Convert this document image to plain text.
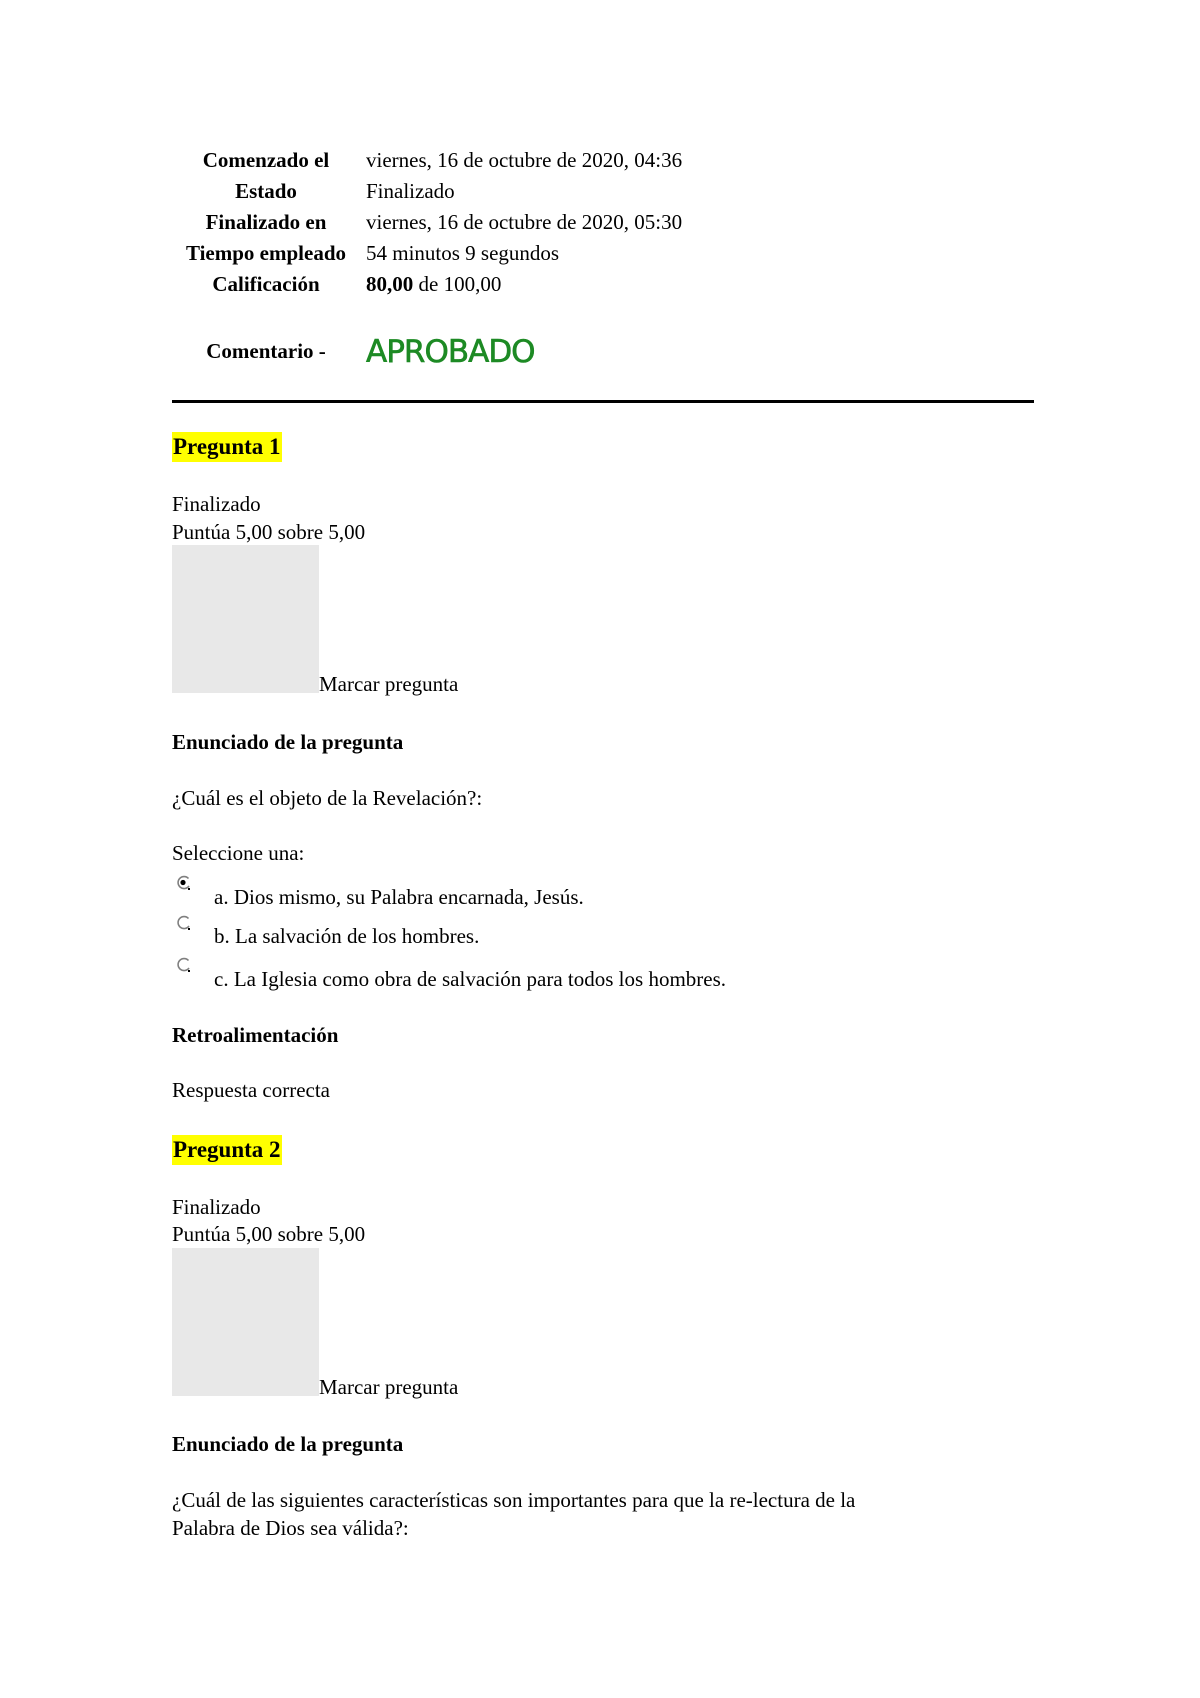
Comenzado el	viernes, 16 de octubre de 2020, 04:36
Estado	Finalizado
Finalizado en	viernes, 16 de octubre de 2020, 05:30
Tiempo empleado 54 minutos 9 segundos
Calificación	80,00 de 100,00
Comentario -	APROBADO
Pregunta 1
Finalizado
Puntúa 5,00 sobre 5,00
Marcar pregunta
Enunciado de la pregunta
¿Cuál es el objeto de la Revelación?:
Seleccione una:
a. Dios mismo, su Palabra encarnada, Jesús.
b. La salvación de los hombres.
c. La Iglesia como obra de salvación para todos los hombres.
Retroalimentación
Respuesta correcta
Pregunta 2
Finalizado
Puntúa 5,00 sobre 5,00
Marcar pregunta
Enunciado de la pregunta
¿Cuál de las siguientes características son importantes para que la re-lectura de la
Palabra de Dios sea válida?:
